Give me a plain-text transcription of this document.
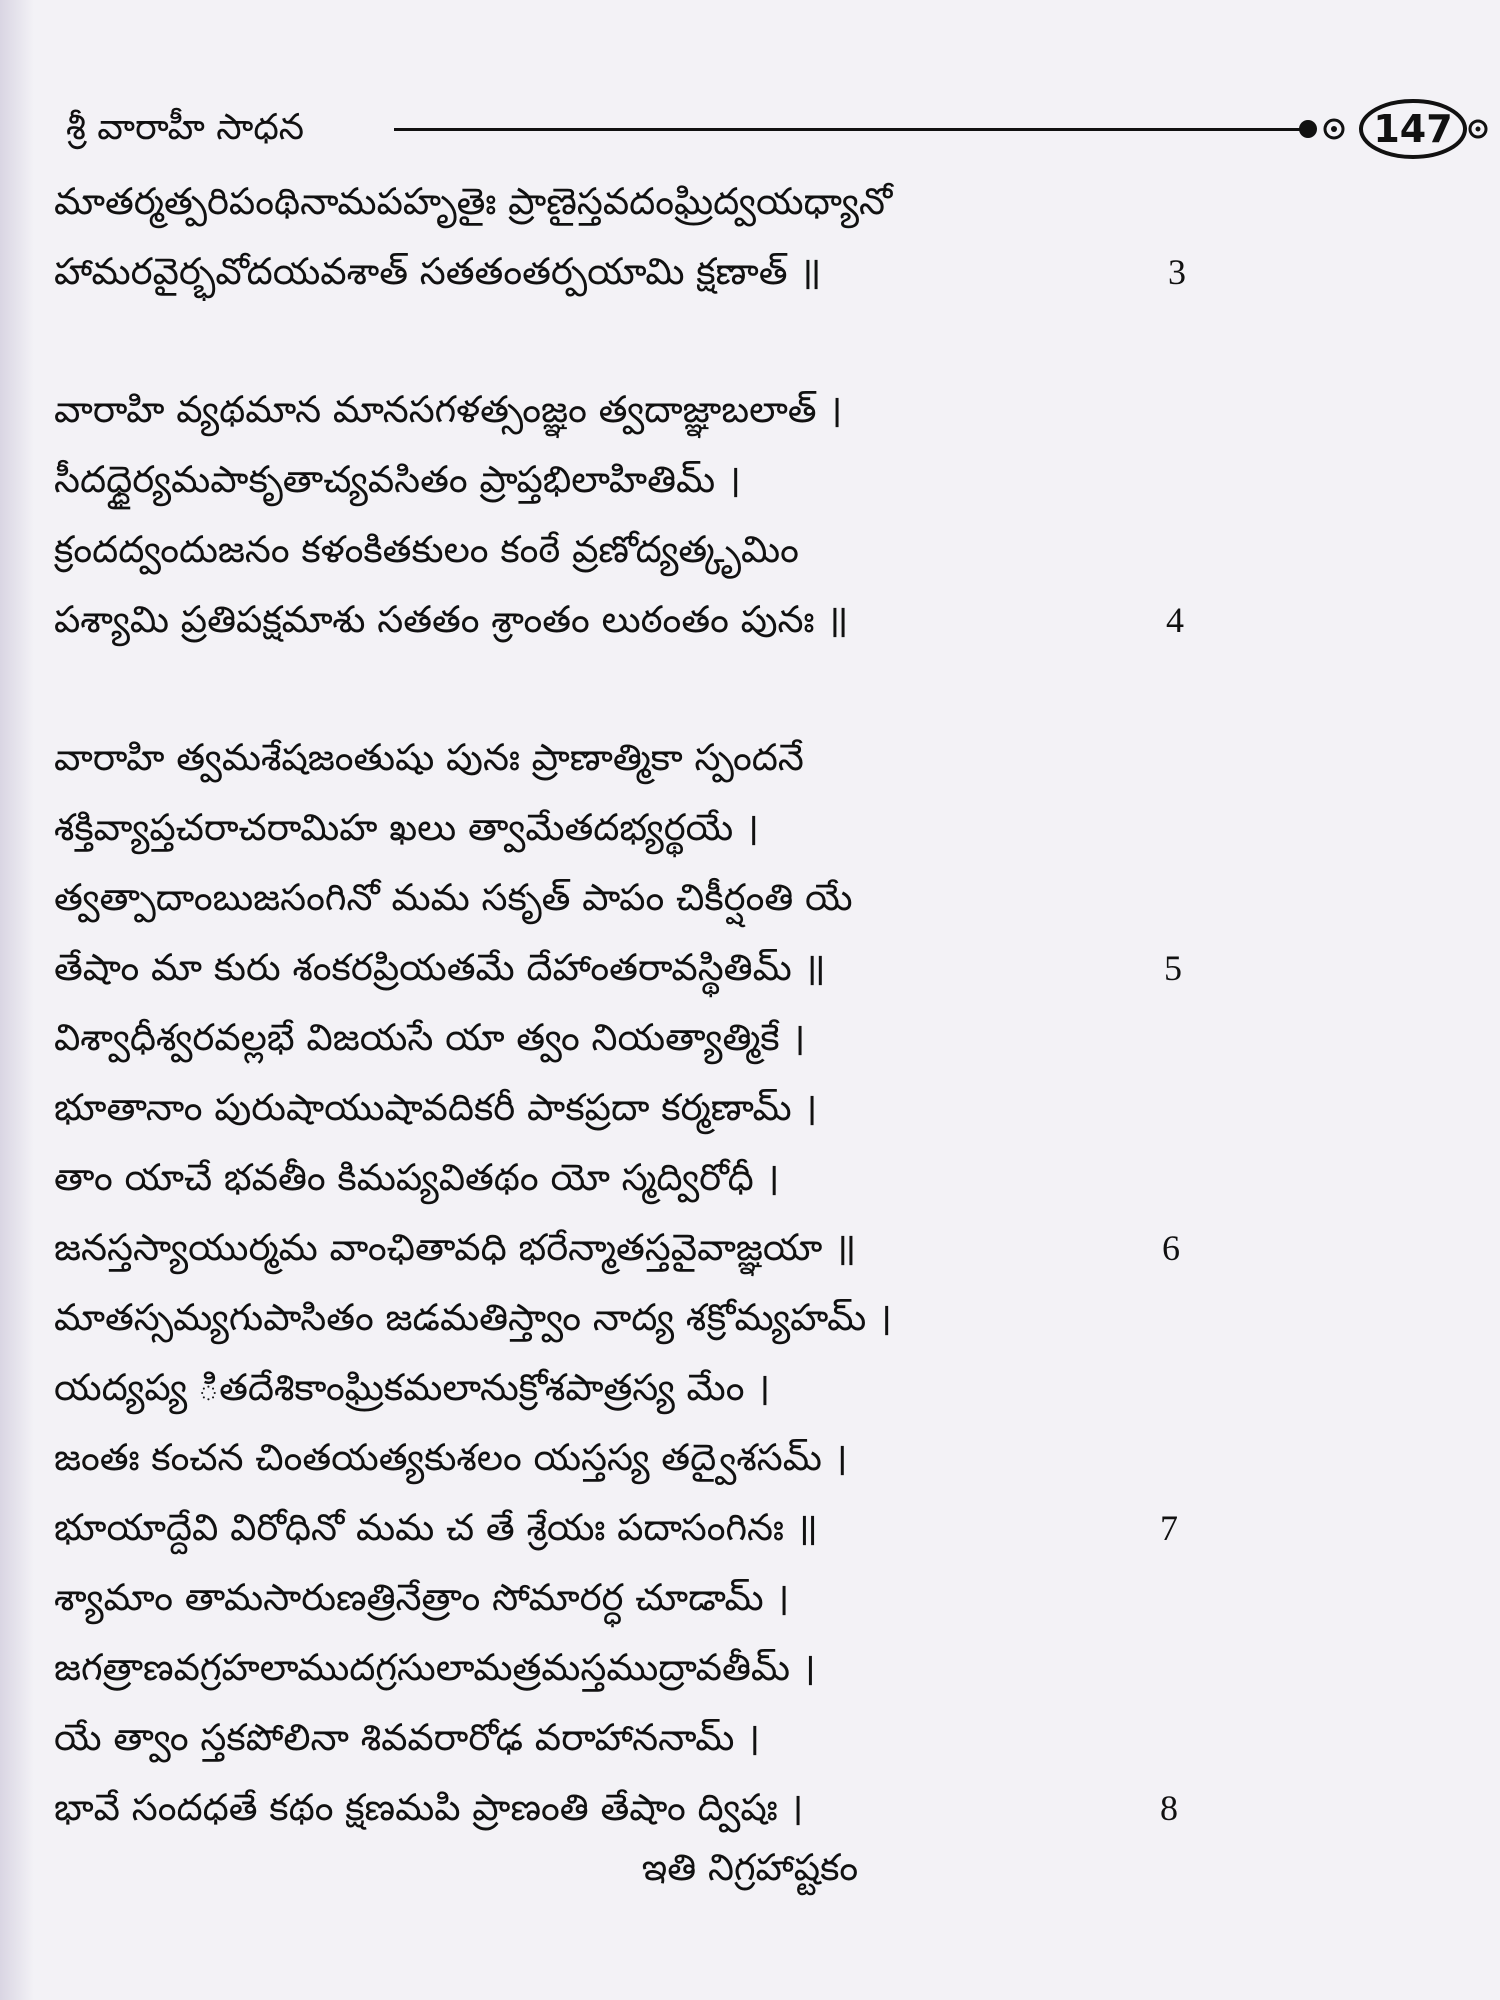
శ్రీ వారాహీ సాధన	147
మాతర్మత్పరిపంథినామపహృతైః ప్రాణైస్తవదంఘ్రిద్వయధ్యానో
హామరవైర్భవోదయవశాత్ సతతంతర్పయామి క్షణాత్ ॥	3
వారాహి వ్యథమాన మానసగళత్సంజ్ఞం త్వదాజ్ఞాబలాత్ ।
సీదధ్ధైర్యమపాకృతాచ్యవసితం ప్రాప్తభిలాహితిమ్ ।
క్రందద్వందుజనం కళంకితకులం కంఠే వ్రణోద్యత్కృమిం
పశ్యామి ప్రతిపక్షమాశు సతతం శ్రాంతం లుఠంతం పునః ॥	4
వారాహి త్వమశేషజంతుషు పునః ప్రాణాత్మికా స్పందనే
శక్తివ్యాప్తచరాచరామిహ ఖలు త్వామేతదభ్యర్థయే ।
త్వత్పాదాంబుజసంగినో మమ సకృత్ పాపం చికీర్షంతి యే
తేషాం మా కురు శంకరప్రియతమే దేహాంతరావస్థితిమ్ ॥	5
విశ్వాధీశ్వరవల్లభే విజయసే యా త్వం నియత్యాత్మికే ।
భూతానాం పురుషాయుషావదికరీ పాకప్రదా కర్మణామ్ ।
తాం యాచే భవతీం కిమప్యవితథం యో స్మద్విరోధీ ।
జనస్తస్యాయుర్మమ వాంఛితావధి భరేన్మాతస్తవైవాజ్ఞయా ॥	6
మాతస్సమ్యగుపాసితం జడమతిస్త్వాం నాద్య శక్రోమ్యహమ్ ।
యద్యప్య ితదేశికాంఘ్రికమలానుక్రోశపాత్రస్య మేం ।
జంతః కంచన చింతయత్యకుశలం యస్తస్య తద్వైశసమ్ ।
భూయాద్దేవి విరోధినో మమ చ తే శ్రేయః పదాసంగినః ॥	7
శ్యామాం తామసారుణత్రినేత్రాం సోమారర్ధ చూడామ్ ।
జగత్రాణవగ్రహలాముదగ్రసులామత్రమస్తముద్రావతీమ్ ।
యే త్వాం స్తకపోలినా శివవరారోఢ వరాహాననామ్ ।
భావే సందధతే కథం క్షణమపి ప్రాణంతి తేషాం ద్విషః ।	8
ఇతి నిగ్రహాష్టకం
